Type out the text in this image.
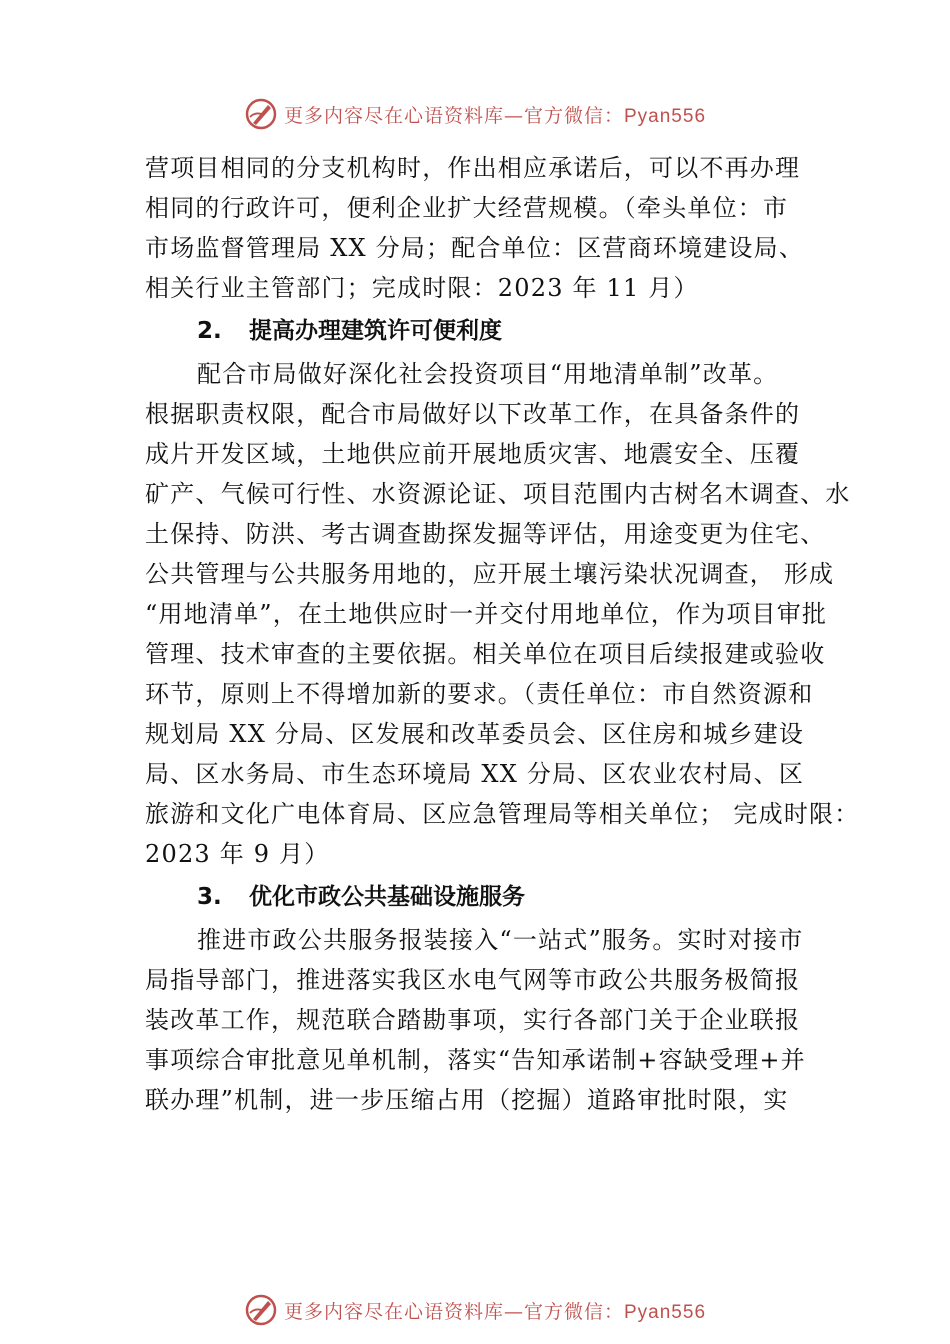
更多内容尽在心语资料库—官方微信：Pyan556
营项目相同的分支机构时，作出相应承诺后，可以不再办理
相同的行政许可，便利企业扩大经营规模。（牵头单位：市
市场监督管理局 XX 分局；配合单位：区营商环境建设局、
相关行业主管部门；完成时限：2023 年 11 月）
2. 提高办理建筑许可便利度
配合市局做好深化社会投资项目“用地清单制”改革。
根据职责权限，配合市局做好以下改革工作，在具备条件的
成片开发区域，土地供应前开展地质灾害、地震安全、压覆
矿产、气候可行性、水资源论证、项目范围内古树名木调查、水
土保持、防洪、考古调查勘探发掘等评估，用途变更为住宅、
公共管理与公共服务用地的，应开展土壤污染状况调查， 形成
“用地清单”，在土地供应时一并交付用地单位，作为项目审批
管理、技术审查的主要依据。相关单位在项目后续报建或验收
环节，原则上不得增加新的要求。（责任单位：市自然资源和
规划局 XX 分局、区发展和改革委员会、区住房和城乡建设
局、区水务局、市生态环境局 XX 分局、区农业农村局、区
旅游和文化广电体育局、区应急管理局等相关单位； 完成时限：
2023 年 9 月）
3. 优化市政公共基础设施服务
推进市政公共服务报装接入“一站式”服务。实时对接市
局指导部门，推进落实我区水电气网等市政公共服务极简报
装改革工作，规范联合踏勘事项，实行各部门关于企业联报
事项综合审批意见单机制，落实“告知承诺制+容缺受理+并
联办理”机制，进一步压缩占用（挖掘）道路审批时限，实
更多内容尽在心语资料库—官方微信：Pyan556
